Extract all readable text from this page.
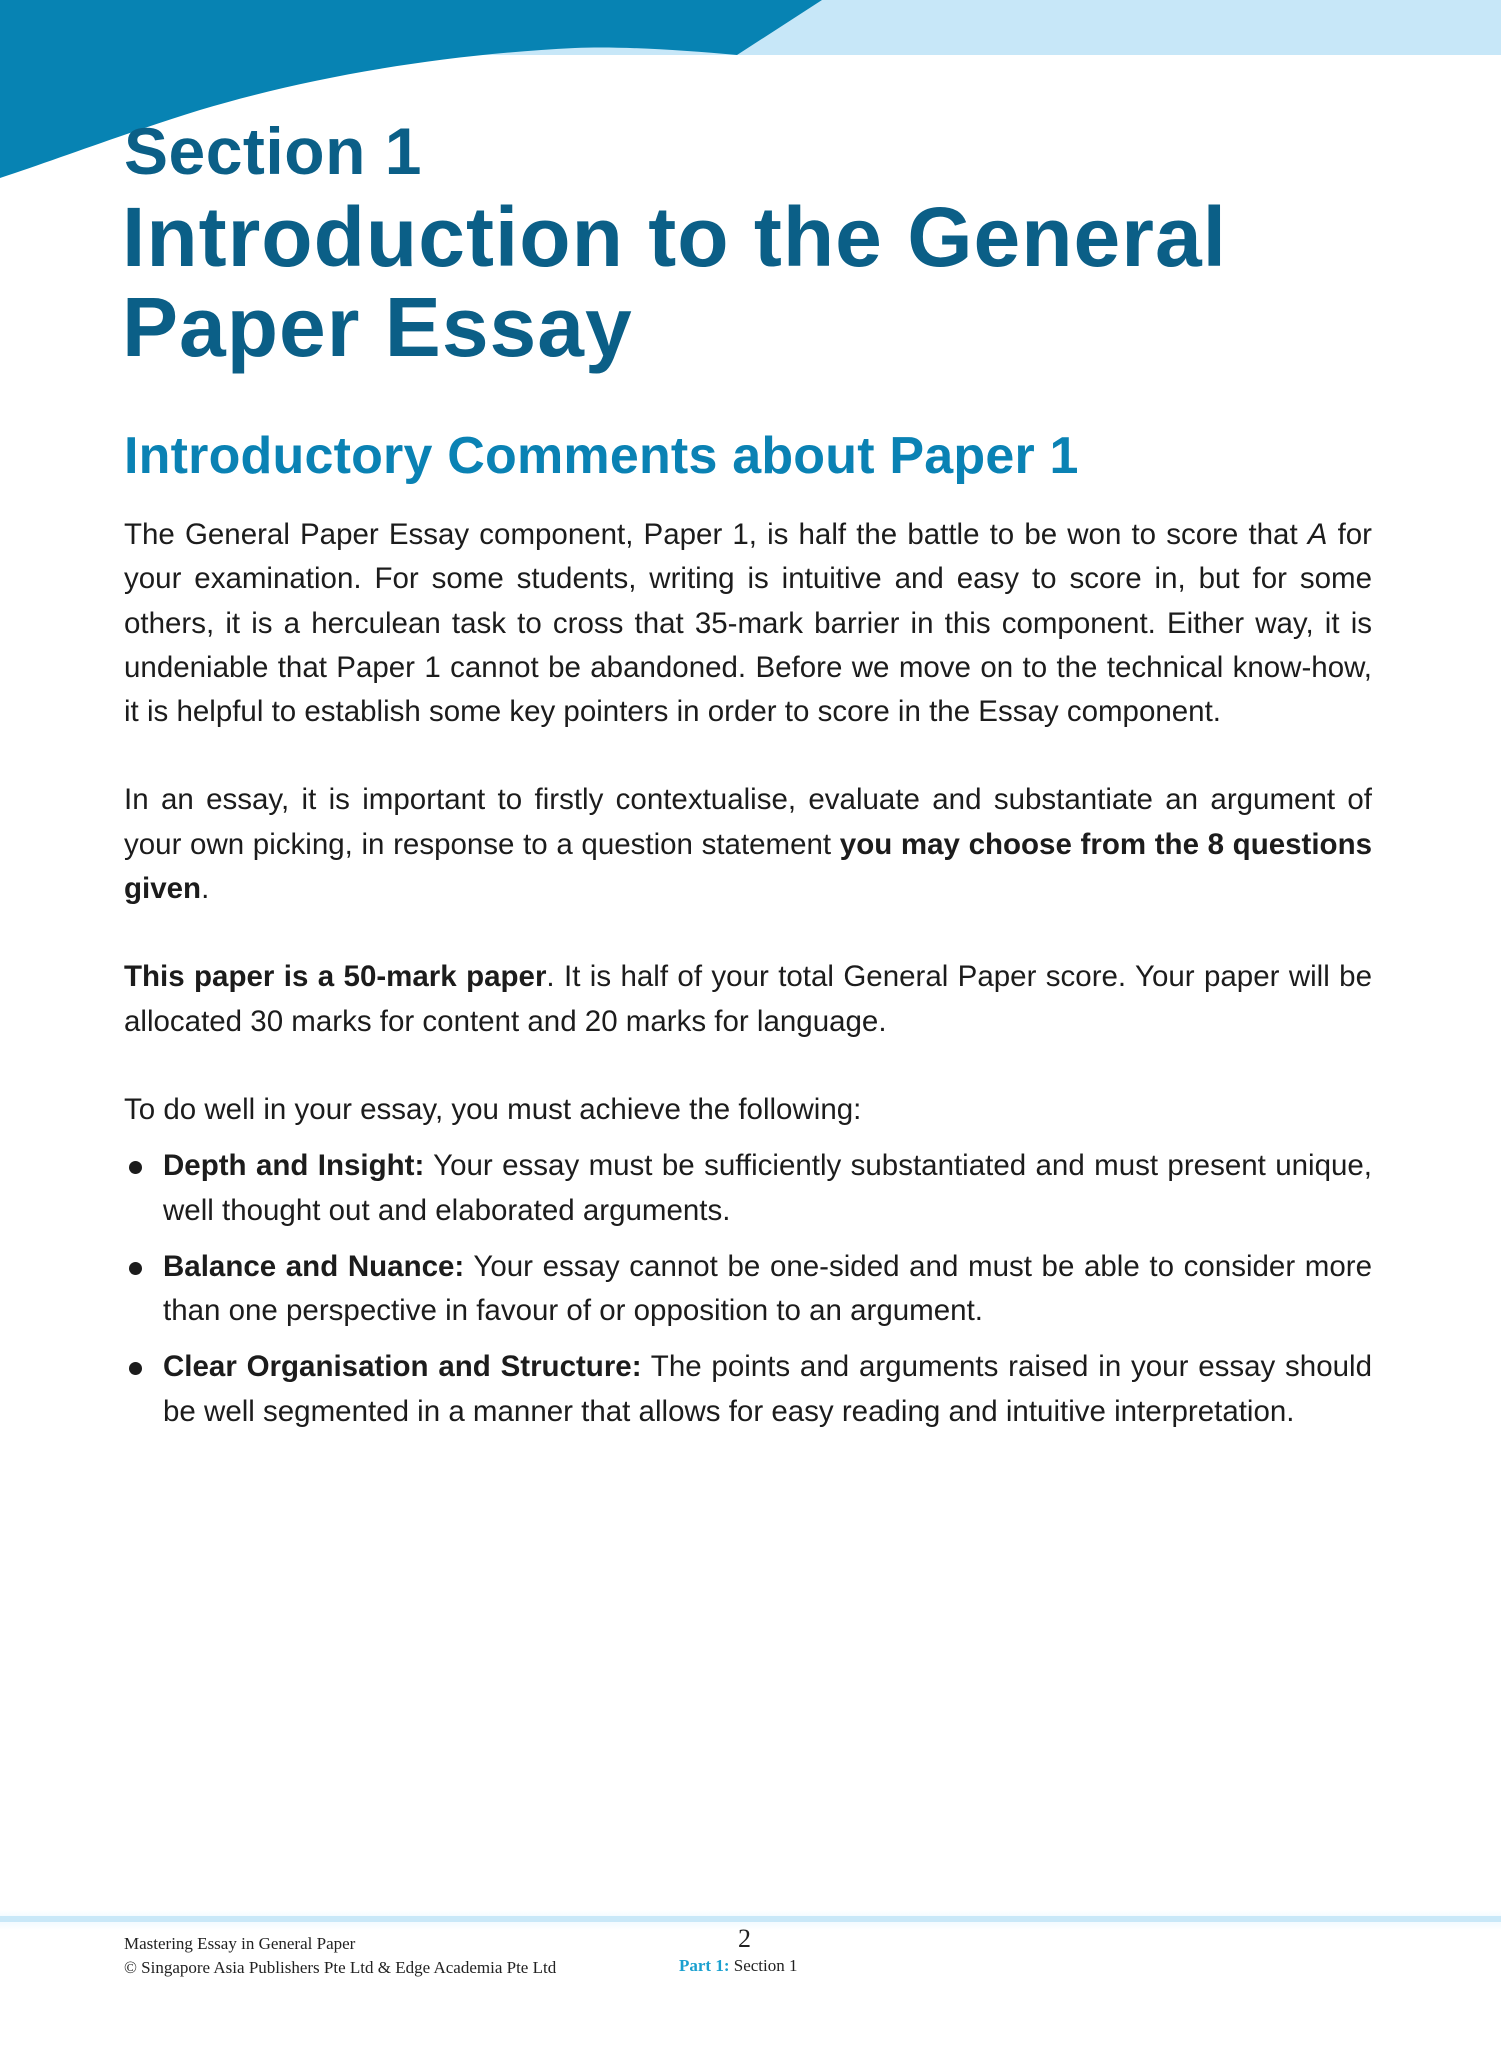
Section 1
Introduction to the General Paper Essay
Introductory Comments about Paper 1

The General Paper Essay component, Paper 1, is half the battle to be won to score that A for your examination. For some students, writing is intuitive and easy to score in, but for some others, it is a herculean task to cross that 35-mark barrier in this component. Either way, it is undeniable that Paper 1 cannot be abandoned. Before we move on to the technical know-how, it is helpful to establish some key pointers in order to score in the Essay component.

In an essay, it is important to firstly contextualise, evaluate and substantiate an argument of your own picking, in response to a question statement you may choose from the 8 questions given.

This paper is a 50-mark paper. It is half of your total General Paper score. Your paper will be allocated 30 marks for content and 20 marks for language.

To do well in your essay, you must achieve the following:

Depth and Insight: Your essay must be sufficiently substantiated and must present unique, well thought out and elaborated arguments.
Balance and Nuance: Your essay cannot be one-sided and must be able to consider more than one perspective in favour of or opposition to an argument.
Clear Organisation and Structure: The points and arguments raised in your essay should be well segmented in a manner that allows for easy reading and intuitive interpretation.
Mastering Essay in General Paper
© Singapore Asia Publishers Pte Ltd & Edge Academia Pte Ltd
2
Part 1: Section 1
